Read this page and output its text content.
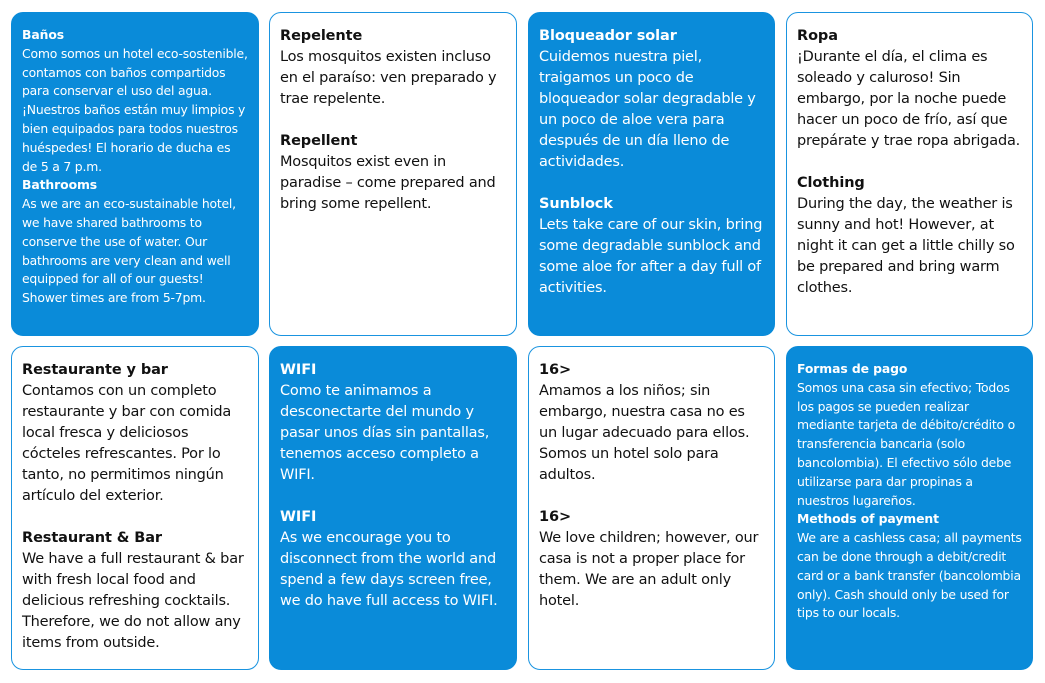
Baños

Como somos un hotel eco-sostenible, contamos con baños compartidos para conservar el uso del agua. ¡Nuestros baños están muy limpios y bien equipados para todos nuestros huéspedes! El horario de ducha es de 5 a 7 p.m.

Bathrooms

As we are an eco-sustainable hotel, we have shared bathrooms to conserve the use of water. Our bathrooms are very clean and well equipped for all of our guests! Shower times are from 5-7pm.

Repelente

Los mosquitos existen incluso en el paraíso: ven preparado y trae repelente.

Repellent

Mosquitos exist even in paradise – come prepared and bring some repellent.

Bloqueador solar

Cuidemos nuestra piel, traigamos un poco de bloqueador solar degradable y un poco de aloe vera para después de un día lleno de actividades.

Sunblock

Lets take care of our skin, bring some degradable sunblock and some aloe for after a day full of activities.

Ropa

¡Durante el día, el clima es soleado y caluroso! Sin embargo, por la noche puede hacer un poco de frío, así que prepárate y trae ropa abrigada.

Clothing

During the day, the weather is sunny and hot! However, at night it can get a little chilly so be prepared and bring warm clothes.

Restaurante y bar

Contamos con un completo restaurante y bar con comida local fresca y deliciosos cócteles refrescantes. Por lo tanto, no permitimos ningún artículo del exterior.

Restaurant & Bar

We have a full restaurant & bar with fresh local food and delicious refreshing cocktails. Therefore, we do not allow any items from outside.

WIFI

Como te animamos a desconectarte del mundo y pasar unos días sin pantallas, tenemos acceso completo a WIFI.

WIFI

As we encourage you to disconnect from the world and spend a few days screen free, we do have full access to WIFI.

16>

Amamos a los niños; sin embargo, nuestra casa no es un lugar adecuado para ellos. Somos un hotel solo para adultos.

16>

We love children; however, our casa is not a proper place for them. We are an adult only hotel.

Formas de pago

Somos una casa sin efectivo; Todos los pagos se pueden realizar mediante tarjeta de débito/crédito o transferencia bancaria (solo bancolombia). El efectivo sólo debe utilizarse para dar propinas a nuestros lugareños.

Methods of payment

We are a cashless casa; all payments can be done through a debit/credit card or a bank transfer (bancolombia only). Cash should only be used for tips to our locals.
